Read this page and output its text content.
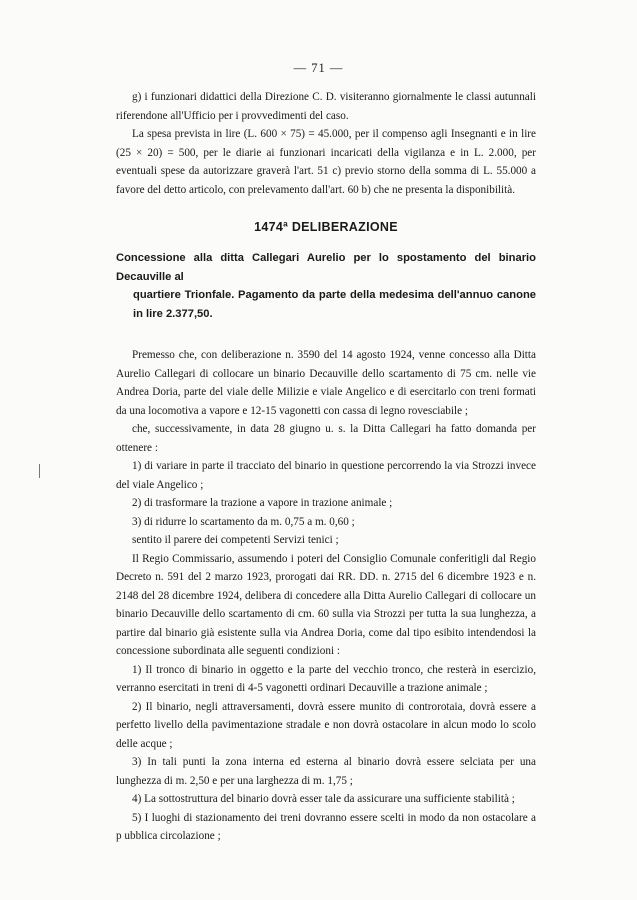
— 71 —

g) i funzionari didattici della Direzione C. D. visiteranno giornalmente le classi autunnali riferendone all'Ufficio per i provvedimenti del caso.

La spesa prevista in lire (L. 600 × 75) = 45.000, per il compenso agli Insegnanti e in lire (25 × 20) = 500, per le diarie ai funzionari incaricati della vigilanza e in L. 2.000, per eventuali spese da autorizzare graverà l'art. 51 c) previo storno della somma di L. 55.000 a favore del detto articolo, con prelevamento dall'art. 60 b) che ne presenta la disponibilità.

1474ª DELIBERAZIONE
Concessione alla ditta Callegari Aurelio per lo spostamento del binario Decauville al
quartiere Trionfale. Pagamento da parte della medesima dell'annuo canone in lire 2.377,50.

Premesso che, con deliberazione n. 3590 del 14 agosto 1924, venne concesso alla Ditta Aurelio Callegari di collocare un binario Decauville dello scartamento di 75 cm. nelle vie Andrea Doria, parte del viale delle Milizie e viale Angelico e di esercitarlo con treni formati da una locomotiva a vapore e 12-15 vagonetti con cassa di legno rovesciabile ;

che, successivamente, in data 28 giugno u. s. la Ditta Callegari ha fatto domanda per ottenere :

1) di variare in parte il tracciato del binario in questione percorrendo la via Strozzi invece del viale Angelico ;

2) di trasformare la trazione a vapore in trazione animale ;

3) di ridurre lo scartamento da m. 0,75 a m. 0,60 ;

sentito il parere dei competenti Servizi tenici ;

Il Regio Commissario, assumendo i poteri del Consiglio Comunale conferitigli dal Regio Decreto n. 591 del 2 marzo 1923, prorogati dai RR. DD. n. 2715 del 6 dicembre 1923 e n. 2148 del 28 dicembre 1924, delibera di concedere alla Ditta Aurelio Callegari di collocare un binario Decauville dello scartamento di cm. 60 sulla via Strozzi per tutta la sua lunghezza, a partire dal binario già esistente sulla via Andrea Doria, come dal tipo esibito intendendosi la concessione subordinata alle seguenti condizioni :

1) Il tronco di binario in oggetto e la parte del vecchio tronco, che resterà in esercizio, verranno esercitati in treni di 4-5 vagonetti ordinari Decauville a trazione animale ;

2) Il binario, negli attraversamenti, dovrà essere munito di controrotaia, dovrà essere a perfetto livello della pavimentazione stradale e non dovrà ostacolare in alcun modo lo scolo delle acque ;

3) In tali punti la zona interna ed esterna al binario dovrà essere selciata per una lunghezza di m. 2,50 e per una larghezza di m. 1,75 ;

4) La sottostruttura del binario dovrà esser tale da assicurare una sufficiente stabilità ;

5) I luoghi di stazionamento dei treni dovranno essere scelti in modo da non ostacolare a p ubblica circolazione ;
